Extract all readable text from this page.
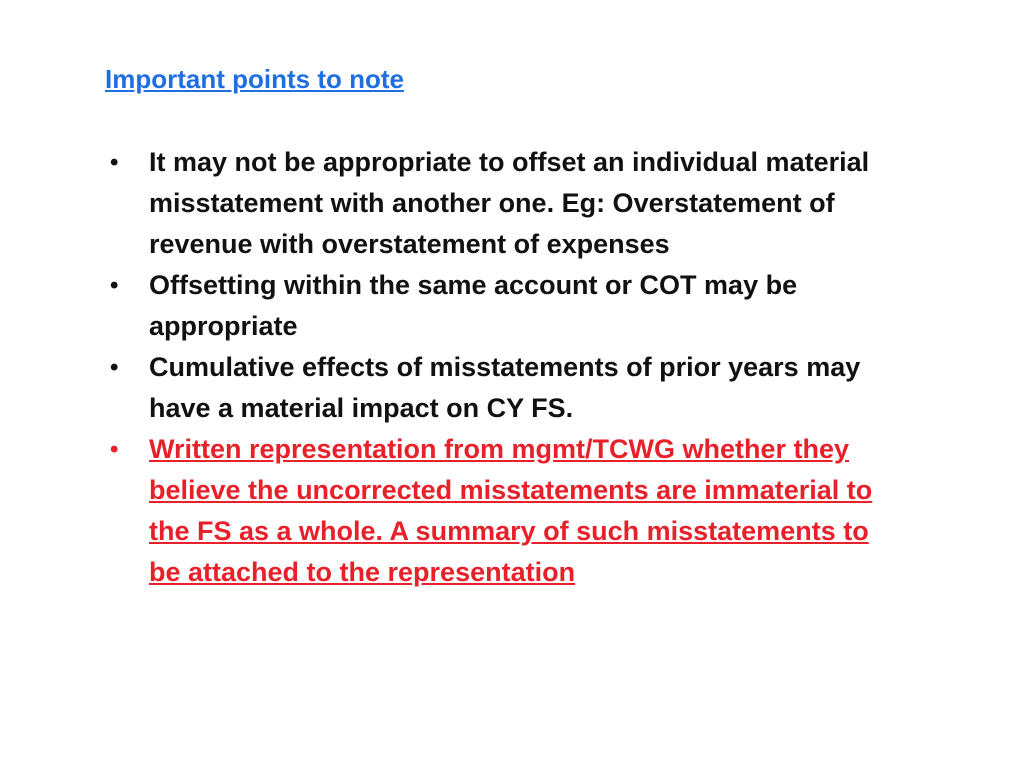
Important points to note
• It may not be appropriate to offset an individual material misstatement with another one. Eg: Overstatement of revenue with overstatement of expenses
• Offsetting within the same account or COT may be appropriate
• Cumulative effects of misstatements of prior years may have a material impact on CY FS.
• Written representation from mgmt/TCWG whether they believe the uncorrected misstatements are immaterial to the FS as a whole. A summary of such misstatements to be attached to the representation
